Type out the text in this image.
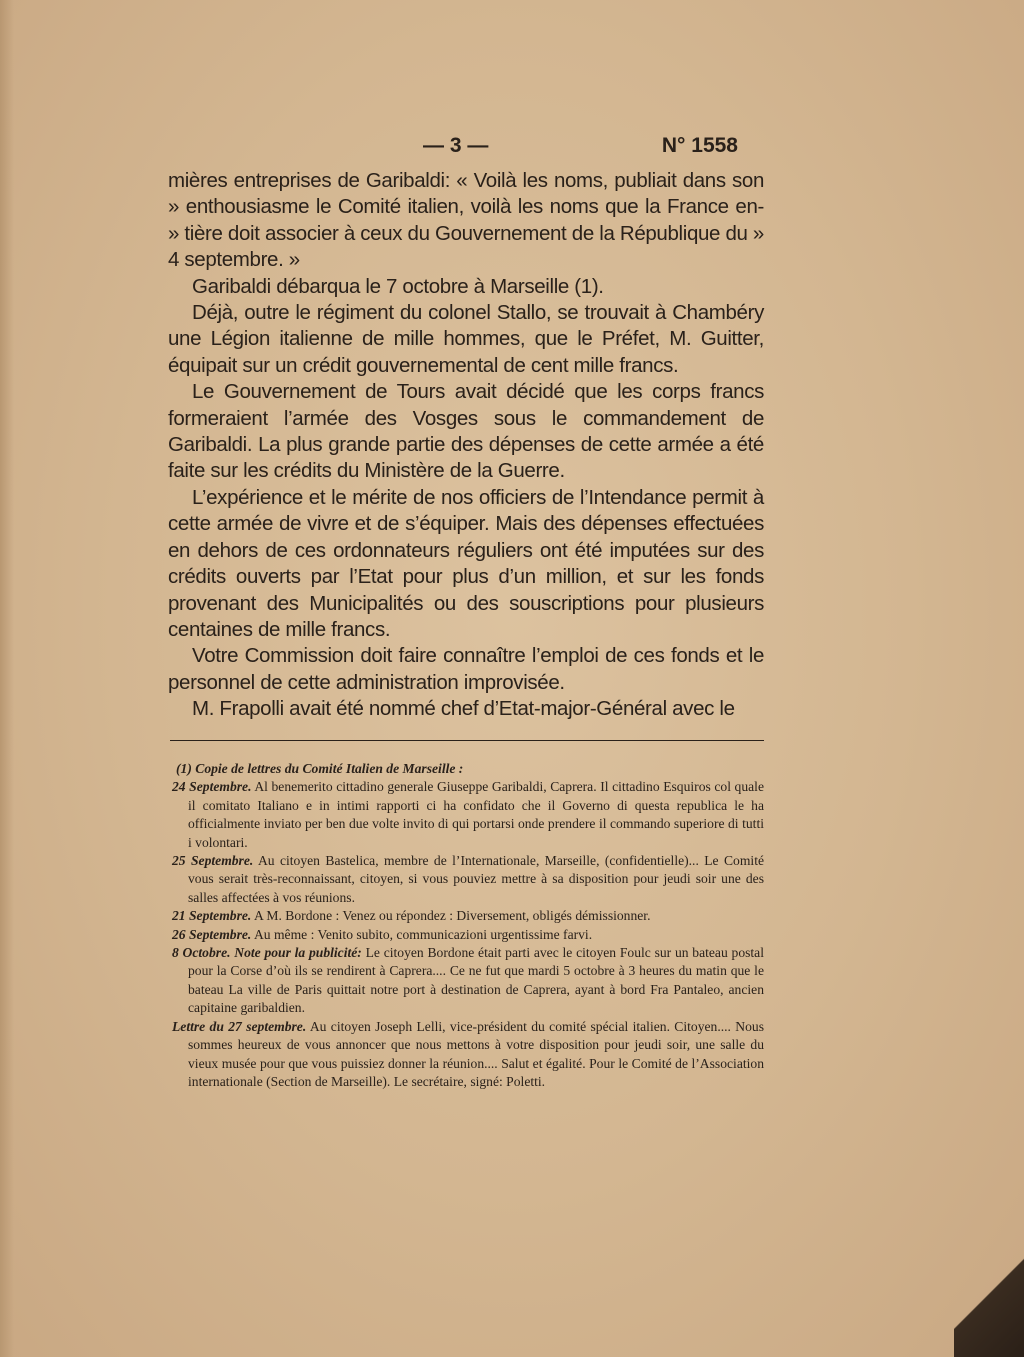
— 3 —	N° 1558

mières entreprises de Garibaldi: « Voilà les noms, publiait dans son » enthousiasme le Comité italien, voilà les noms que la France en- » tière doit associer à ceux du Gouvernement de la République du » 4 septembre. »

Garibaldi débarqua le 7 octobre à Marseille (1).

Déjà, outre le régiment du colonel Stallo, se trouvait à Chambéry une Légion italienne de mille hommes, que le Préfet, M. Guitter, équipait sur un crédit gouvernemental de cent mille francs.

Le Gouvernement de Tours avait décidé que les corps francs formeraient l’armée des Vosges sous le commandement de Garibaldi. La plus grande partie des dépenses de cette armée a été faite sur les crédits du Ministère de la Guerre.

L’expérience et le mérite de nos officiers de l’Intendance permit à cette armée de vivre et de s’équiper. Mais des dépenses effectuées en dehors de ces ordonnateurs réguliers ont été imputées sur des crédits ouverts par l’Etat pour plus d’un million, et sur les fonds provenant des Municipalités ou des souscriptions pour plusieurs centaines de mille francs.

Votre Commission doit faire connaître l’emploi de ces fonds et le personnel de cette administration improvisée.

M. Frapolli avait été nommé chef d’Etat-major-Général avec le

(1) Copie de lettres du Comité Italien de Marseille :

24 Septembre. Al benemerito cittadino generale Giuseppe Garibaldi, Caprera. Il cittadino Esquiros col quale il comitato Italiano e in intimi rapporti ci ha confidato che il Governo di questa republica le ha officialmente inviato per ben due volte invito di qui portarsi onde prendere il commando superiore di tutti i volontari.

25 Septembre. Au citoyen Bastelica, membre de l’Internationale, Marseille, (confidentielle)... Le Comité vous serait très-reconnaissant, citoyen, si vous pouviez mettre à sa disposition pour jeudi soir une des salles affectées à vos réunions.

21 Septembre. A M. Bordone : Venez ou répondez : Diversement, obligés démissionner.

26 Septembre. Au même : Venito subito, communicazioni urgentissime farvi.

8 Octobre. Note pour la publicité: Le citoyen Bordone était parti avec le citoyen Foulc sur un bateau postal pour la Corse d’où ils se rendirent à Caprera.... Ce ne fut que mardi 5 octobre à 3 heures du matin que le bateau La ville de Paris quittait notre port à destination de Caprera, ayant à bord Fra Pantaleo, ancien capitaine garibaldien.

Lettre du 27 septembre. Au citoyen Joseph Lelli, vice-président du comité spécial italien. Citoyen.... Nous sommes heureux de vous annoncer que nous mettons à votre disposition pour jeudi soir, une salle du vieux musée pour que vous puissiez donner la réunion.... Salut et égalité. Pour le Comité de l’Association internationale (Section de Marseille). Le secrétaire, signé: Poletti.
